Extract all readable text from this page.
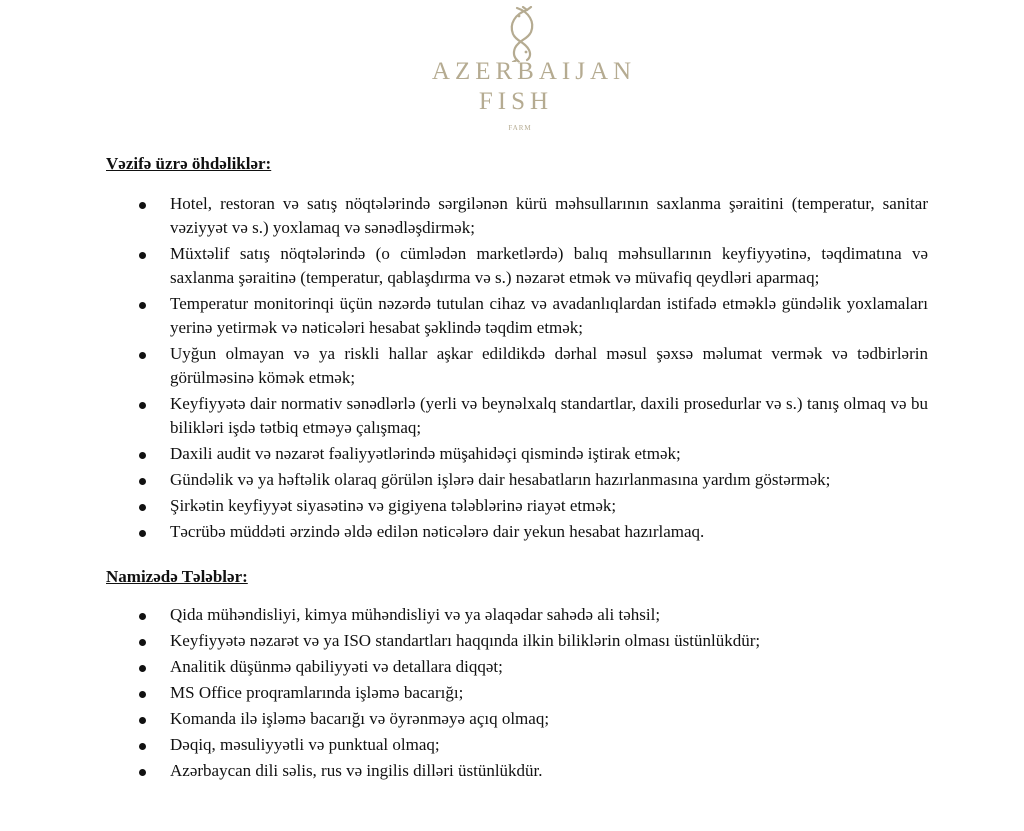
AZERBAIJAN
FISH
FARM
Vəzifə üzrə öhdəliklər:
Hotel, restoran və satış nöqtələrində sərgilənən kürü məhsullarının saxlanma şəraitini (temperatur, sanitar vəziyyət və s.) yoxlamaq və sənədləşdirmək;
Müxtəlif satış nöqtələrində (o cümlədən marketlərdə) balıq məhsullarının keyfiyyətinə, təqdimatına və saxlanma şəraitinə (temperatur, qablaşdırma və s.) nəzarət etmək və müvafiq qeydləri aparmaq;
Temperatur monitorinqi üçün nəzərdə tutulan cihaz və avadanlıqlardan istifadə etməklə gündəlik yoxlamaları yerinə yetirmək və nəticələri hesabat şəklində təqdim etmək;
Uyğun olmayan və ya riskli hallar aşkar edildikdə dərhal məsul şəxsə məlumat vermək və tədbirlərin görülməsinə kömək etmək;
Keyfiyyətə dair normativ sənədlərlə (yerli və beynəlxalq standartlar, daxili prosedurlar və s.) tanış olmaq və bu bilikləri işdə tətbiq etməyə çalışmaq;
Daxili audit və nəzarət fəaliyyətlərində müşahidəçi qismində iştirak etmək;
Gündəlik və ya həftəlik olaraq görülən işlərə dair hesabatların hazırlanmasına yardım göstərmək;
Şirkətin keyfiyyət siyasətinə və gigiyena tələblərinə riayət etmək;
Təcrübə müddəti ərzində əldə edilən nəticələrə dair yekun hesabat hazırlamaq.
Namizədə Tələblər:
Qida mühəndisliyi, kimya mühəndisliyi və ya əlaqədar sahədə ali təhsil;
Keyfiyyətə nəzarət və ya ISO standartları haqqında ilkin biliklərin olması üstünlükdür;
Analitik düşünmə qabiliyyəti və detallara diqqət;
MS Office proqramlarında işləmə bacarığı;
Komanda ilə işləmə bacarığı və öyrənməyə açıq olmaq;
Dəqiq, məsuliyyətli və punktual olmaq;
Azərbaycan dili səlis, rus və ingilis dilləri üstünlükdür.
